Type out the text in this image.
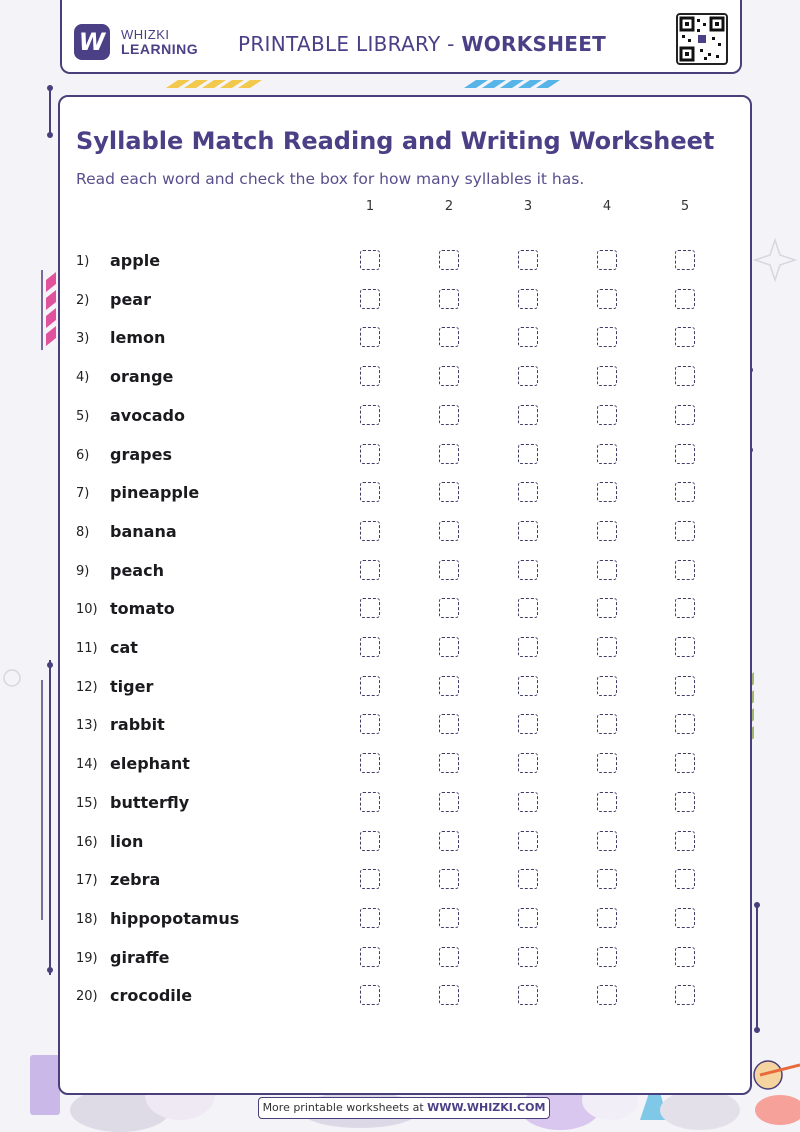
W	WHIZKI
LEARNING PRINTABLE LIBRARY - WORKSHEET
Syllable Match Reading and Writing Worksheet
Read each word and check the box for how many syllables it has.
1	2	3	4	5
1) apple
2) pear
3) lemon
4) orange
5) avocado
6) grapes
7) pineapple
8) banana
9) peach
10) tomato
11) cat
12) tiger
13) rabbit
14) elephant
15) butterfly
16) lion
17) zebra
18) hippopotamus
19) giraffe
20) crocodile
More printable worksheets at WWW.WHIZKI.COM
